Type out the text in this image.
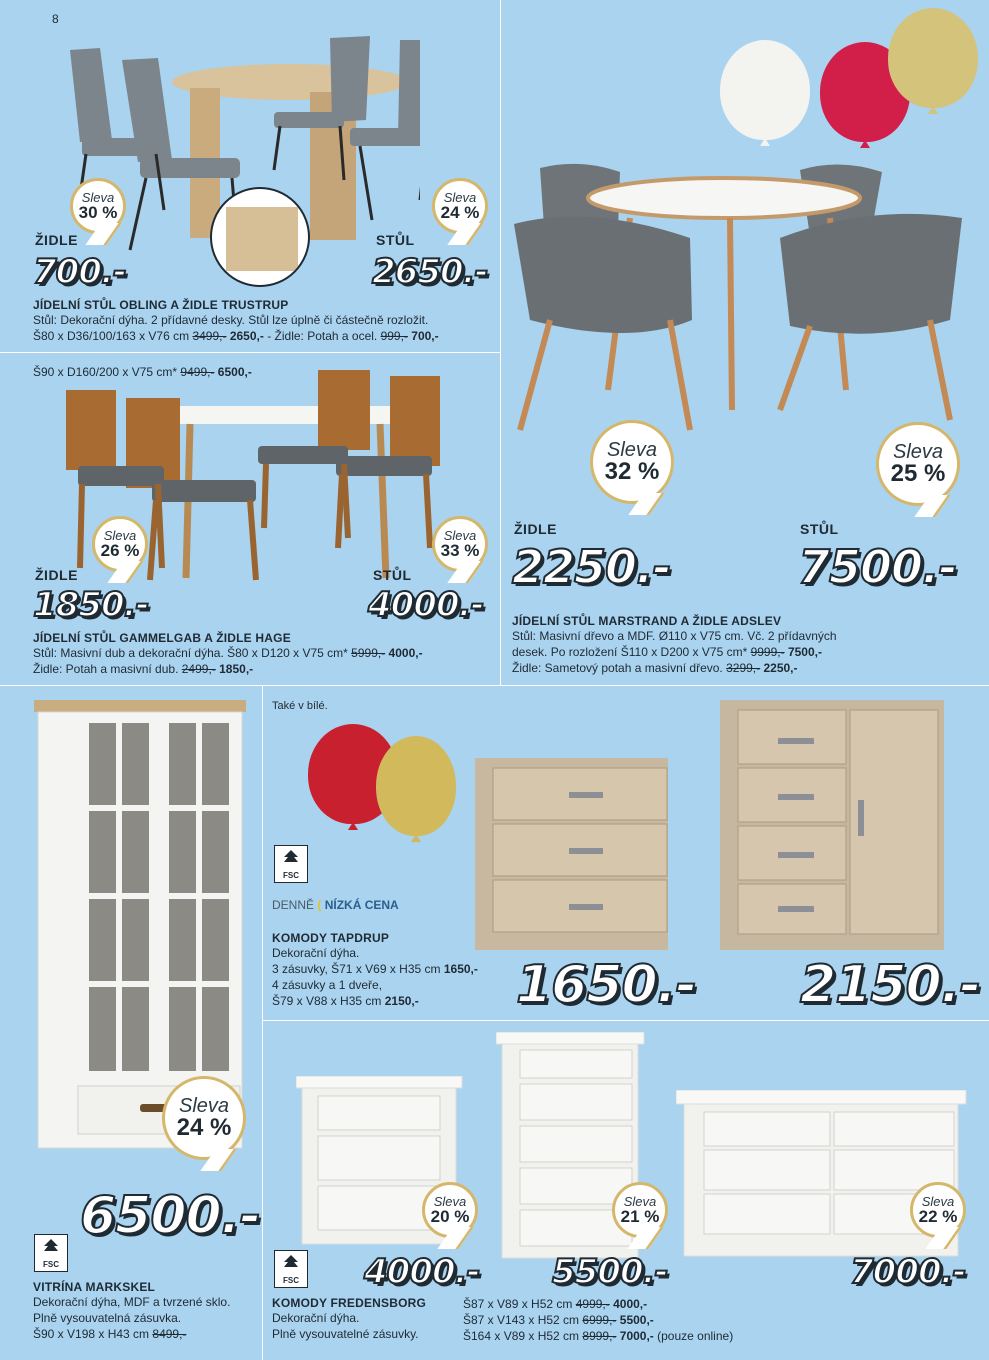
8
Sleva
30 %
Sleva
24 %
ŽIDLE
700.-
STŮL
2650.-
JÍDELNÍ STŮL OBLING A ŽIDLE TRUSTRUP
Stůl: Dekorační dýha. 2 přídavné desky. Stůl lze úplně či částečně rozložit.
Š80 x D36/100/163 x V76 cm 3499,- 2650,- - Židle: Potah a ocel. 999,- 700,-
Š90 x D160/200 x V75 cm* 9499,- 6500,-
Sleva
26 %
Sleva
33 %
ŽIDLE
1850.-
STŮL
4000.-
JÍDELNÍ STŮL GAMMELGAB A ŽIDLE HAGE
Stůl: Masivní dub a dekorační dýha. Š80 x D120 x V75 cm* 5999,- 4000,-
Židle: Potah a masivní dub. 2499,- 1850,-
Sleva
32 %
Sleva
25 %
ŽIDLE
2250.-
STŮL
7500.-
JÍDELNÍ STŮL MARSTRAND A ŽIDLE ADSLEV
Stůl: Masivní dřevo a MDF. Ø110 x V75 cm. Vč. 2 přídavných
desek. Po rozložení Š110 x D200 x V75 cm* 9999,- 7500,-
Židle: Sametový potah a masivní dřevo. 3299,- 2250,-
Sleva
24 %
6500.-
FSC
VITRÍNA MARKSKEL
Dekorační dýha, MDF a tvrzené sklo.
Plně vysouvatelná zásuvka.
Š90 x V198 x H43 cm 8499,-
Také v bílé.
FSC
DENNĚ ( NÍZKÁ CENA
KOMODY TAPDRUP
Dekorační dýha.
3 zásuvky, Š71 x V69 x H35 cm 1650,-
4 zásuvky a 1 dveře,
Š79 x V88 x H35 cm 2150,-	1650.- 2150.-
Sleva
20 %
Sleva
21 %
Sleva
22 %
4000.- 5500.-	7000.-
FSC
KOMODY FREDENSBORG
Dekorační dýha.
Plně vysouvatelné zásuvky.
Š87 x V89 x H52 cm 4999,- 4000,-
Š87 x V143 x H52 cm 6999,- 5500,-
Š164 x V89 x H52 cm 8999,- 7000,- (pouze online)
